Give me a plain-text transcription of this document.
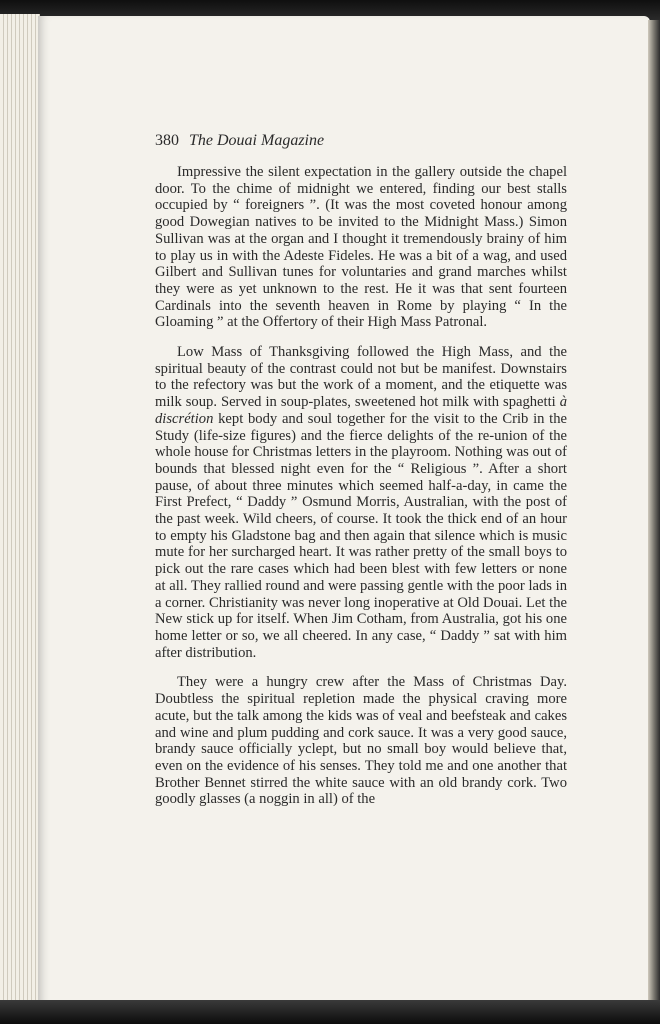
380 The Douai Magazine

Impressive the silent expectation in the gallery outside the chapel door. To the chime of midnight we entered, finding our best stalls occupied by “ foreigners ”. (It was the most coveted honour among good Dowegian natives to be invited to the Midnight Mass.) Simon Sullivan was at the organ and I thought it tremendously brainy of him to play us in with the Adeste Fideles. He was a bit of a wag, and used Gilbert and Sullivan tunes for voluntaries and grand marches whilst they were as yet unknown to the rest. He it was that sent fourteen Cardinals into the seventh heaven in Rome by playing “ In the Gloaming ” at the Offertory of their High Mass Patronal.

Low Mass of Thanksgiving followed the High Mass, and the spiritual beauty of the contrast could not but be manifest. Downstairs to the refectory was but the work of a moment, and the etiquette was milk soup. Served in soup-plates, sweetened hot milk with spaghetti à discrétion kept body and soul together for the visit to the Crib in the Study (life-size figures) and the fierce delights of the re-union of the whole house for Christmas letters in the playroom. Nothing was out of bounds that blessed night even for the “ Religious ”. After a short pause, of about three minutes which seemed half-a-day, in came the First Prefect, “ Daddy ” Osmund Morris, Australian, with the post of the past week. Wild cheers, of course. It took the thick end of an hour to empty his Gladstone bag and then again that silence which is music mute for her surcharged heart. It was rather pretty of the small boys to pick out the rare cases which had been blest with few letters or none at all. They rallied round and were passing gentle with the poor lads in a corner. Christianity was never long inoperative at Old Douai. Let the New stick up for itself. When Jim Cotham, from Australia, got his one home letter or so, we all cheered. In any case, “ Daddy ” sat with him after distribution.

They were a hungry crew after the Mass of Christmas Day. Doubtless the spiritual repletion made the physical craving more acute, but the talk among the kids was of veal and beefsteak and cakes and wine and plum pudding and cork sauce. It was a very good sauce, brandy sauce officially yclept, but no small boy would believe that, even on the evidence of his senses. They told me and one another that Brother Bennet stirred the white sauce with an old brandy cork. Two goodly glasses (a noggin in all) of the
